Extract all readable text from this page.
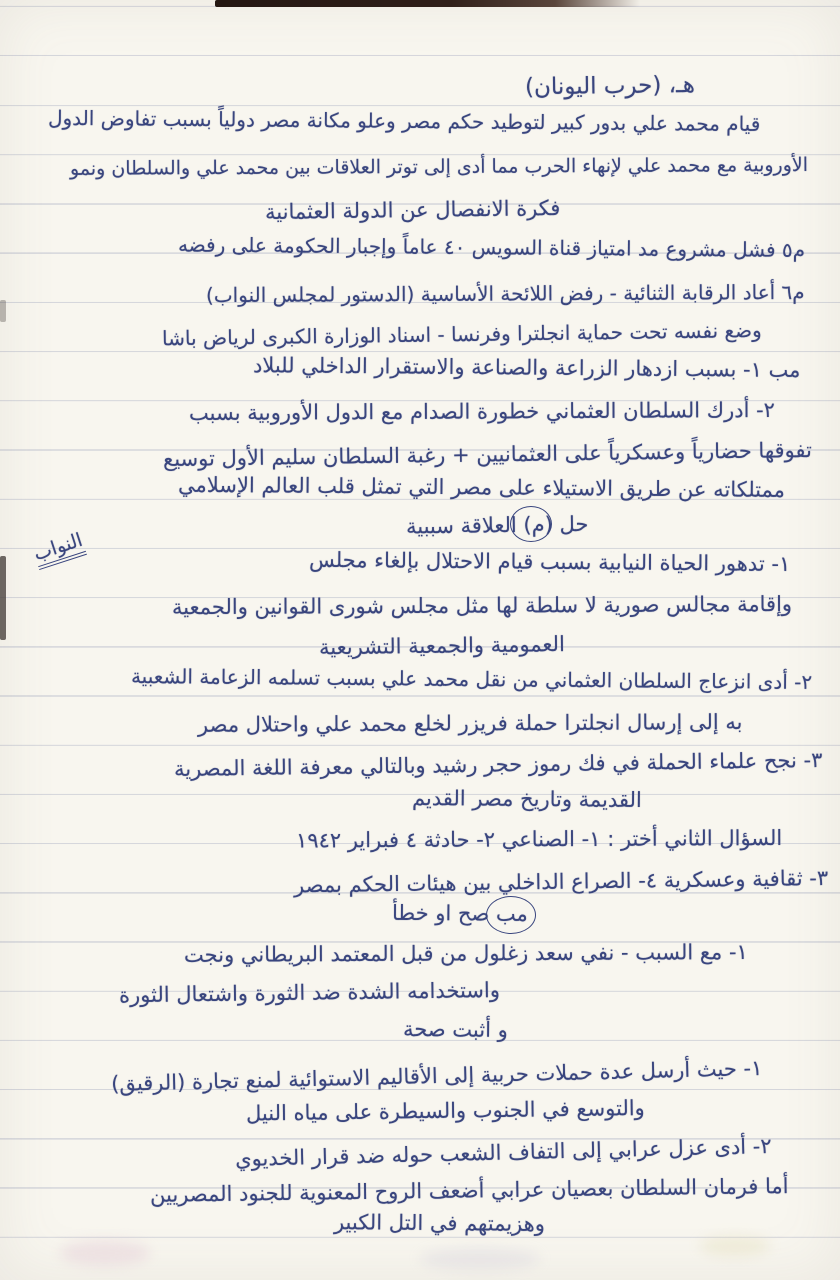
هـ، (حرب اليونان)
قيام محمد علي بدور كبير لتوطيد حكم مصر وعلو مكانة مصر دولياً بسبب تفاوض الدول
الأوروبية مع محمد علي لإنهاء الحرب مما أدى إلى توتر العلاقات بين محمد علي والسلطان ونمو
فكرة الانفصال عن الدولة العثمانية
م٥ فشل مشروع مد امتياز قناة السويس ٤٠ عاماً وإجبار الحكومة على رفضه
م٦ أعاد الرقابة الثنائية - رفض اللائحة الأساسية (الدستور لمجلس النواب)
وضع نفسه تحت حماية انجلترا وفرنسا - اسناد الوزارة الكبرى لرياض باشا
مب ١- بسبب ازدهار الزراعة والصناعة والاستقرار الداخلي للبلاد
٢- أدرك السلطان العثماني خطورة الصدام مع الدول الأوروبية بسبب
تفوقها حضارياً وعسكرياً على العثمانيين + رغبة السلطان سليم الأول توسيع
ممتلكاته عن طريق الاستيلاء على مصر التي تمثل قلب العالم الإسلامي
حل (م) العلاقة سببية
١- تدهور الحياة النيابية بسبب قيام الاحتلال بإلغاء مجلس
وإقامة مجالس صورية لا سلطة لها مثل مجلس شورى القوانين والجمعية
العمومية والجمعية التشريعية
٢- أدى انزعاج السلطان العثماني من نقل محمد علي بسبب تسلمه الزعامة الشعبية
به إلى إرسال انجلترا حملة فريزر لخلع محمد علي واحتلال مصر
٣- نجح علماء الحملة في فك رموز حجر رشيد وبالتالي معرفة اللغة المصرية
القديمة وتاريخ مصر القديم
السؤال الثاني أختر : ١- الصناعي ٢- حادثة ٤ فبراير ١٩٤٢
٣- ثقافية وعسكرية ٤- الصراع الداخلي بين هيئات الحكم بمصر
مب صح او خطأ
١- مع السبب - نفي سعد زغلول من قبل المعتمد البريطاني ونجت
واستخدامه الشدة ضد الثورة واشتعال الثورة
و أثبت صحة
١- حيث أرسل عدة حملات حربية إلى الأقاليم الاستوائية لمنع تجارة (الرقيق)
والتوسع في الجنوب والسيطرة على مياه النيل
٢- أدى عزل عرابي إلى التفاف الشعب حوله ضد قرار الخديوي
أما فرمان السلطان بعصيان عرابي أضعف الروح المعنوية للجنود المصريين
وهزيمتهم في التل الكبير
النواب
